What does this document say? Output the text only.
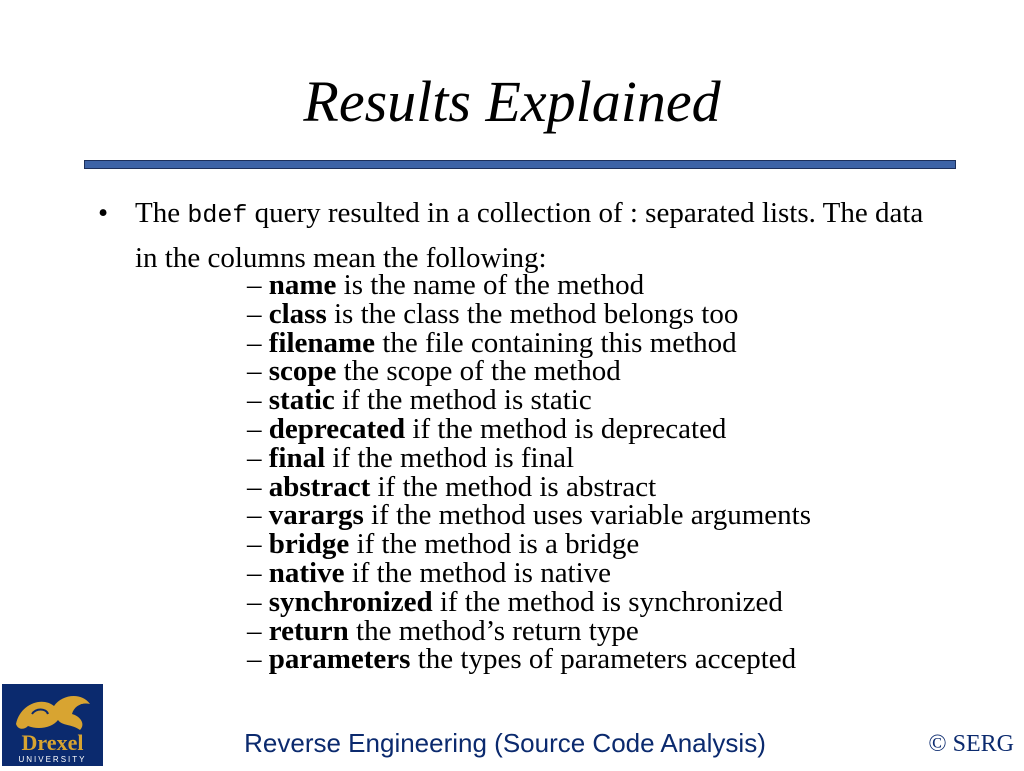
Results Explained
• The bdef query resulted in a collection of : separated lists. The data in the columns mean the following:
– name is the name of the method
– class is the class the method belongs too
– filename the file containing this method
– scope the scope of the method
– static if the method is static
– deprecated if the method is deprecated
– final if the method is final
– abstract if the method is abstract
– varargs if the method uses variable arguments
– bridge if the method is a bridge
– native if the method is native
– synchronized if the method is synchronized
– return the method’s return type
– parameters the types of parameters accepted
Drexel
UNIVERSITY
Reverse Engineering (Source Code Analysis)	© SERG
